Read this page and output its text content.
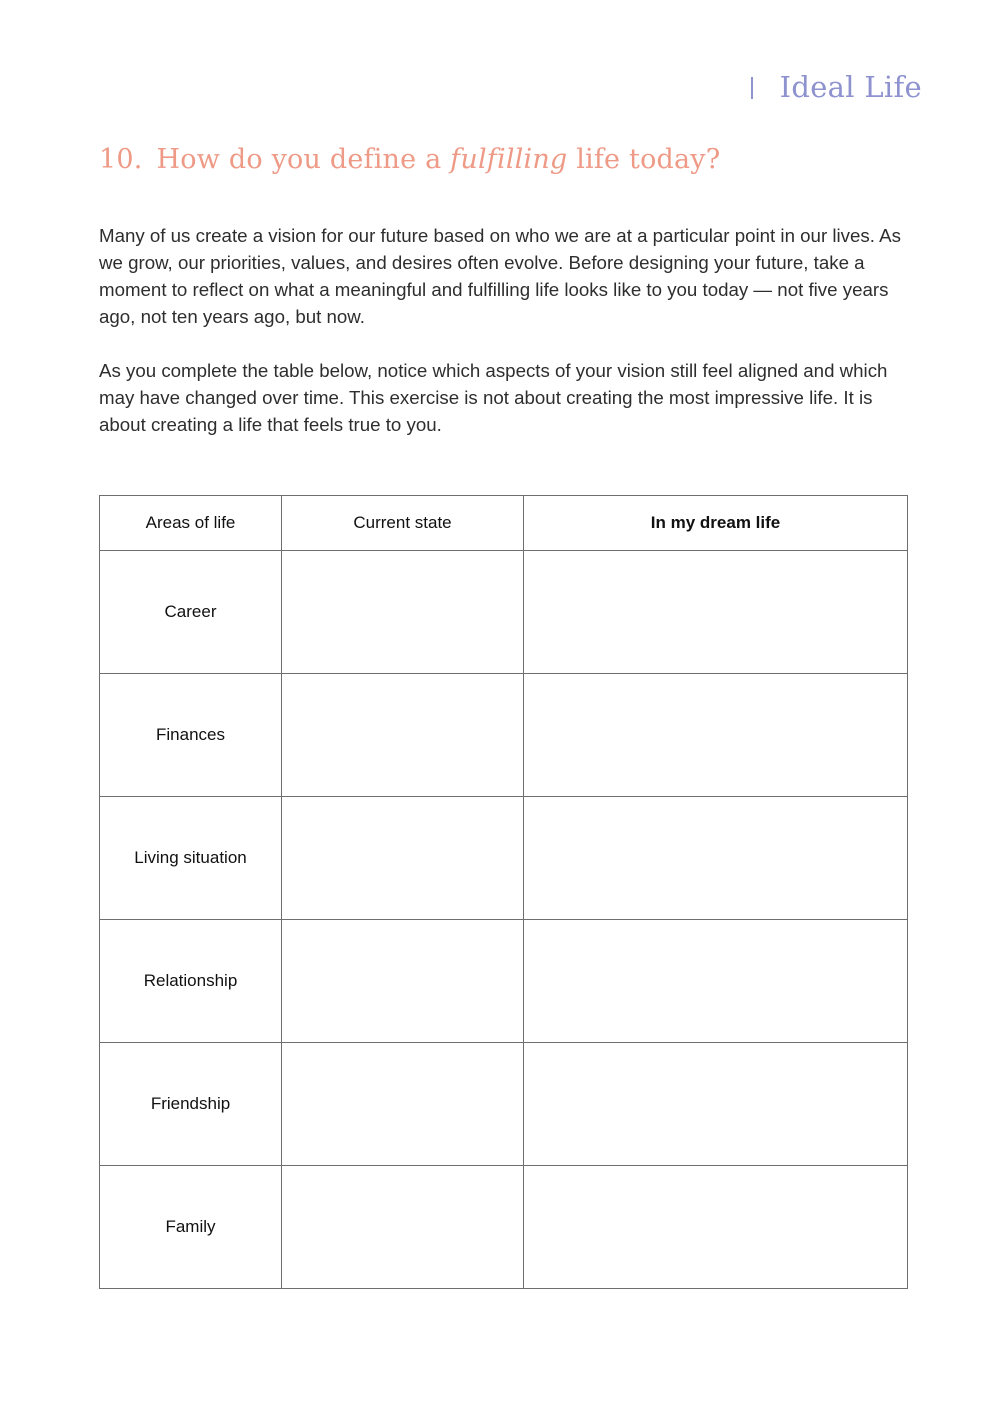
Ideal Life
10. How do you define a fulfilling life today?

Many of us create a vision for our future based on who we are at a particular point in our lives. As we grow, our priorities, values, and desires often evolve. Before designing your future, take a moment to reflect on what a meaningful and fulfilling life looks like to you today — not five years ago, not ten years ago, but now.

As you complete the table below, notice which aspects of your vision still feel aligned and which may have changed over time. This exercise is not about creating the most impressive life. It is about creating a life that feels true to you.

Areas of life	Current state	In my dream life
Career		
Finances		
Living situation		
Relationship		
Friendship		
Family		
